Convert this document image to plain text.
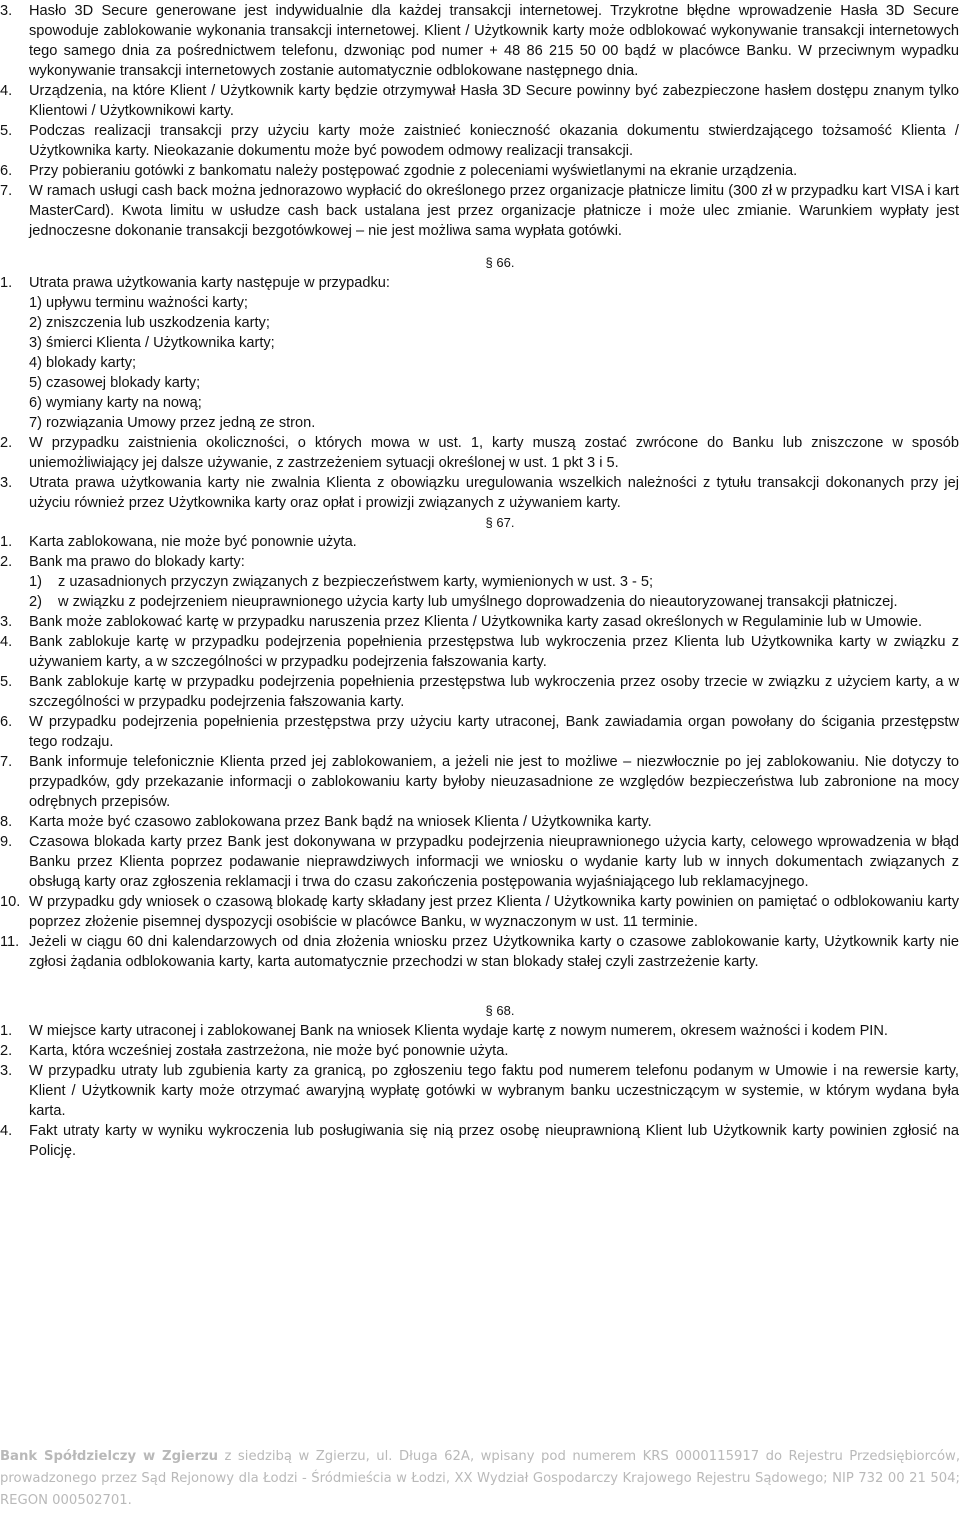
3. Hasło 3D Secure generowane jest indywidualnie dla każdej transakcji internetowej. Trzykrotne błędne wprowadzenie Hasła 3D Secure spowoduje zablokowanie wykonania transakcji internetowej. Klient / Użytkownik karty może odblokować wykonywanie transakcji internetowych tego samego dnia za pośrednictwem telefonu, dzwoniąc pod numer + 48 86 215 50 00 bądź w placówce Banku. W przeciwnym wypadku wykonywanie transakcji internetowych zostanie automatycznie odblokowane następnego dnia.
4. Urządzenia, na które Klient / Użytkownik karty będzie otrzymywał Hasła 3D Secure powinny być zabezpieczone hasłem dostępu znanym tylko Klientowi / Użytkownikowi karty.
5. Podczas realizacji transakcji przy użyciu karty może zaistnieć konieczność okazania dokumentu stwierdzającego tożsamość Klienta / Użytkownika karty. Nieokazanie dokumentu może być powodem odmowy realizacji transakcji.
6. Przy pobieraniu gotówki z bankomatu należy postępować zgodnie z poleceniami wyświetlanymi na ekranie urządzenia.
7. W ramach usługi cash back można jednorazowo wypłacić do określonego przez organizacje płatnicze limitu (300 zł w przypadku kart VISA i kart MasterCard). Kwota limitu w usłudze cash back ustalana jest przez organizacje płatnicze i może ulec zmianie. Warunkiem wypłaty jest jednoczesne dokonanie transakcji bezgotówkowej – nie jest możliwa sama wypłata gotówki.

§ 66.

1. Utrata prawa użytkowania karty następuje w przypadku:
1) upływu terminu ważności karty;
2) zniszczenia lub uszkodzenia karty;
3) śmierci Klienta / Użytkownika karty;
4) blokady karty;
5) czasowej blokady karty;
6) wymiany karty na nową;
7) rozwiązania Umowy przez jedną ze stron.
2. W przypadku zaistnienia okoliczności, o których mowa w ust. 1, karty muszą zostać zwrócone do Banku lub zniszczone w sposób uniemożliwiający jej dalsze używanie, z zastrzeżeniem sytuacji określonej w ust. 1 pkt 3 i 5.
3. Utrata prawa użytkowania karty nie zwalnia Klienta z obowiązku uregulowania wszelkich należności z tytułu transakcji dokonanych przy jej użyciu również przez Użytkownika karty oraz opłat i prowizji związanych z używaniem karty.

§ 67.

1. Karta zablokowana, nie może być ponownie użyta.
2. Bank ma prawo do blokady karty:
1) z uzasadnionych przyczyn związanych z bezpieczeństwem karty, wymienionych w ust. 3 - 5;
2) w związku z podejrzeniem nieuprawnionego użycia karty lub umyślnego doprowadzenia do nieautoryzowanej transakcji płatniczej.
3. Bank może zablokować kartę w przypadku naruszenia przez Klienta / Użytkownika karty zasad określonych w Regulaminie lub w Umowie.
4. Bank zablokuje kartę w przypadku podejrzenia popełnienia przestępstwa lub wykroczenia przez Klienta lub Użytkownika karty w związku z używaniem karty, a w szczególności w przypadku podejrzenia fałszowania karty.
5. Bank zablokuje kartę w przypadku podejrzenia popełnienia przestępstwa lub wykroczenia przez osoby trzecie w związku z użyciem karty, a w szczególności w przypadku podejrzenia fałszowania karty.
6. W przypadku podejrzenia popełnienia przestępstwa przy użyciu karty utraconej, Bank zawiadamia organ powołany do ścigania przestępstw tego rodzaju.
7. Bank informuje telefonicznie Klienta przed jej zablokowaniem, a jeżeli nie jest to możliwe – niezwłocznie po jej zablokowaniu. Nie dotyczy to przypadków, gdy przekazanie informacji o zablokowaniu karty byłoby nieuzasadnione ze względów bezpieczeństwa lub zabronione na mocy odrębnych przepisów.
8. Karta może być czasowo zablokowana przez Bank bądź na wniosek Klienta / Użytkownika karty.
9. Czasowa blokada karty przez Bank jest dokonywana w przypadku podejrzenia nieuprawnionego użycia karty, celowego wprowadzenia w błąd Banku przez Klienta poprzez podawanie nieprawdziwych informacji we wniosku o wydanie karty lub w innych dokumentach związanych z obsługą karty oraz zgłoszenia reklamacji i trwa do czasu zakończenia postępowania wyjaśniającego lub reklamacyjnego.
10. W przypadku gdy wniosek o czasową blokadę karty składany jest przez Klienta / Użytkownika karty powinien on pamiętać o odblokowaniu karty poprzez złożenie pisemnej dyspozycji osobiście w placówce Banku, w wyznaczonym w ust. 11 terminie.
11. Jeżeli w ciągu 60 dni kalendarzowych od dnia złożenia wniosku przez Użytkownika karty o czasowe zablokowanie karty, Użytkownik karty nie zgłosi żądania odblokowania karty, karta automatycznie przechodzi w stan blokady stałej czyli zastrzeżenie karty.

§ 68.

1. W miejsce karty utraconej i zablokowanej Bank na wniosek Klienta wydaje kartę z nowym numerem, okresem ważności i kodem PIN.
2. Karta, która wcześniej została zastrzeżona, nie może być ponownie użyta.
3. W przypadku utraty lub zgubienia karty za granicą, po zgłoszeniu tego faktu pod numerem telefonu podanym w Umowie i na rewersie karty, Klient / Użytkownik karty może otrzymać awaryjną wypłatę gotówki w wybranym banku uczestniczącym w systemie, w którym wydana była karta.
4. Fakt utraty karty w wyniku wykroczenia lub posługiwania się nią przez osobę nieuprawnioną Klient lub Użytkownik karty powinien zgłosić na Policję.
Bank Spółdzielczy w Zgierzu z siedzibą w Zgierzu, ul. Długa 62A, wpisany pod numerem KRS 0000115917 do Rejestru Przedsiębiorców, prowadzonego przez Sąd Rejonowy dla Łodzi - Śródmieścia w Łodzi, XX Wydział Gospodarczy Krajowego Rejestru Sądowego; NIP 732 00 21 504; REGON 000502701.
